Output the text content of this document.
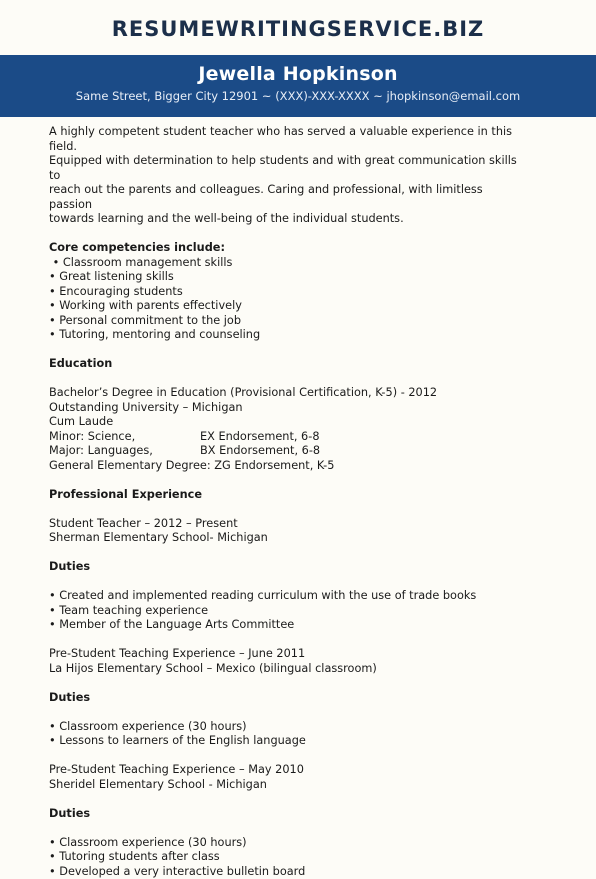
RESUMEWRITINGSERVICE.BIZ
Jewella Hopkinson
Same Street, Bigger City 12901 ~ (XXX)-XXX-XXXX ~ jhopkinson@email.com

A highly competent student teacher who has served a valuable experience in this field.

Equipped with determination to help students and with great communication skills to

reach out the parents and colleagues. Caring and professional, with limitless passion

towards learning and the well-being of the individual students.

Core competencies include:

• Classroom management skills

• Great listening skills

• Encouraging students

• Working with parents effectively

• Personal commitment to the job

• Tutoring, mentoring and counseling

Education

Bachelor’s Degree in Education (Provisional Certification, K-5) - 2012

Outstanding University – Michigan

Cum Laude

Minor: Science,	EX Endorsement, 6-8
Major: Languages,	BX Endorsement, 6-8

General Elementary Degree: ZG Endorsement, K-5

Professional Experience

Student Teacher – 2012 – Present

Sherman Elementary School- Michigan

Duties

• Created and implemented reading curriculum with the use of trade books

• Team teaching experience

• Member of the Language Arts Committee

Pre-Student Teaching Experience – June 2011

La Hijos Elementary School – Mexico (bilingual classroom)

Duties

• Classroom experience (30 hours)

• Lessons to learners of the English language

Pre-Student Teaching Experience – May 2010

Sheridel Elementary School - Michigan

Duties

• Classroom experience (30 hours)

• Tutoring students after class

• Developed a very interactive bulletin board
